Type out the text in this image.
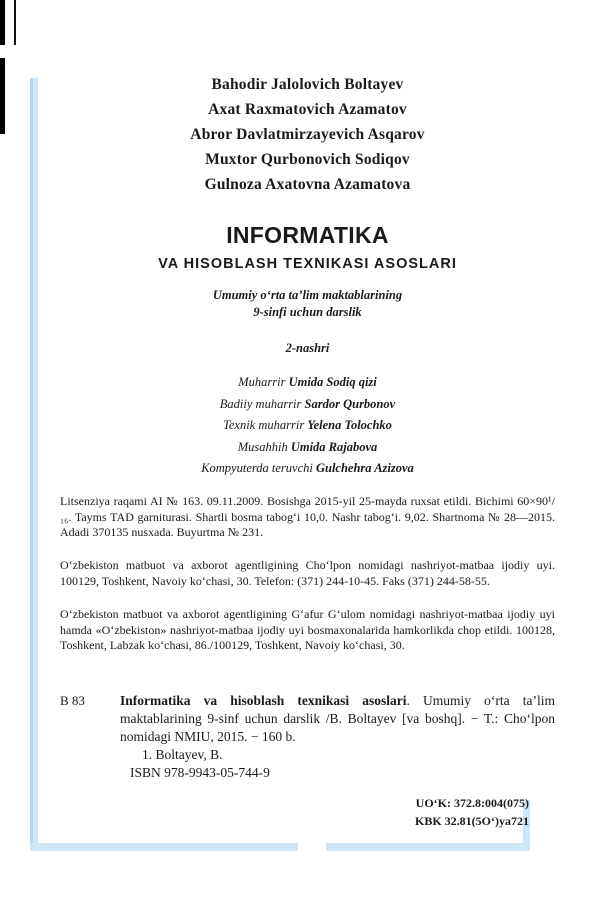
Bahodir Jalolovich Boltayev
Axat Raxmatovich Azamatov
Abror Davlatmirzayevich Asqarov
Muxtor Qurbonovich Sodiqov
Gulnoza Axatovna Azamatova
INFORMATIKA
VA HISOBLASH TEXNIKASI ASOSLARI
Umumiy o‘rta ta’lim maktablarining
9-sinfi uchun darslik
2-nashri
Muharrir Umida Sodiq qizi
Badiiy muharrir Sardor Qurbonov
Texnik muharrir Yelena Tolochko
Musahhih Umida Rajabova
Kompyuterda teruvchi Gulchehra Azizova
Litsenziya raqami AI № 163. 09.11.2009. Bosishga 2015-yil 25-mayda ruxsat etildi. Bichimi 60×90¹/₁₆. Tayms TAD garniturasi. Shartli bosma tabog‘i 10,0. Nashr tabog‘i. 9,02. Shartnoma № 28—2015. Adadi 370135 nusxada. Buyurtma № 231.
O‘zbekiston matbuot va axborot agentligining Cho‘lpon nomidagi nashriyot-matbaa ijodiy uyi. 100129, Toshkent, Navoiy ko‘chasi, 30. Telefon: (371) 244-10-45. Faks (371) 244-58-55.
O‘zbekiston matbuot va axborot agentligining G‘afur G‘ulom nomidagi nashriyot-matbaa ijodiy uyi hamda «O‘zbekiston» nashriyot-matbaa ijodiy uyi bosmaxonalarida hamkorlikda chop etildi. 100128, Toshkent, Labzak ko‘chasi, 86./100129, Toshkent, Navoiy ko‘chasi, 30.
B 83	Informatika va hisoblash texnikasi asoslari. Umumiy o‘rta ta’lim maktablarining 9-sinf uchun darslik /B. Boltayev [va boshq]. − T.: Cho‘lpon nomidagi NMIU, 2015. − 160 b.
1. Boltayev, B.
ISBN 978-9943-05-744-9
UO‘K: 372.8:004(075)
KBK 32.81(5O‘)ya721
